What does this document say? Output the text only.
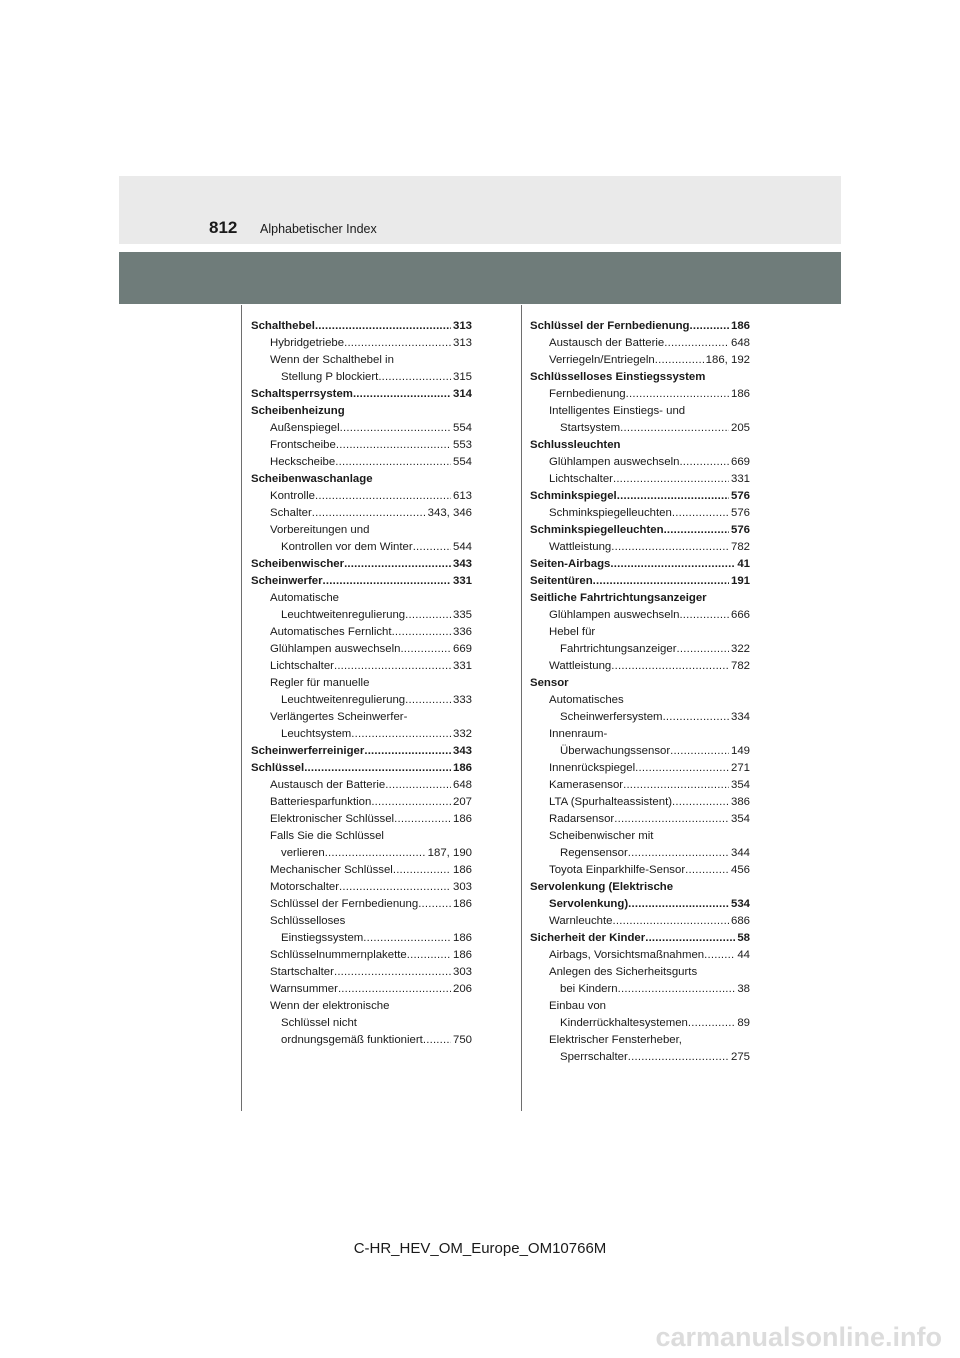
812 Alphabetischer Index
Schalthebel .....	313
Hybridgetriebe .....	313
Wenn der Schalthebel in
Stellung P blockiert .....	315
Schaltsperrsystem .....	314
Scheibenheizung
Außenspiegel .....	554
Frontscheibe .....	553
Heckscheibe .....	554
Scheibenwaschanlage
Kontrolle .....	613
Schalter .....	343, 346
Vorbereitungen und
Kontrollen vor dem Winter .....	544
Scheibenwischer .....	343
Scheinwerfer .....	331
Automatische
Leuchtweitenregulierung .....	335
Automatisches Fernlicht .....	336
Glühlampen auswechseln .....	669
Lichtschalter .....	331
Regler für manuelle
Leuchtweitenregulierung .....	333
Verlängertes Scheinwerfer-
Leuchtsystem .....	332
Scheinwerferreiniger .....	343
Schlüssel .....	186
Austausch der Batterie .....	648
Batteriesparfunktion .....	207
Elektronischer Schlüssel .....	186
Falls Sie die Schlüssel
verlieren .....	187, 190
Mechanischer Schlüssel .....	186
Motorschalter .....	303
Schlüssel der Fernbedienung .....	186
Schlüsselloses
Einstiegssystem .....	186
Schlüsselnummernplakette .....	186
Startschalter .....	303
Warnsummer .....	206
Wenn der elektronische
Schlüssel nicht
ordnungsgemäß funktioniert .....	750
Schlüssel der Fernbedienung .....	186
Austausch der Batterie .....	648
Verriegeln/Entriegeln .....	186, 192
Schlüsselloses Einstiegssystem
Fernbedienung .....	186
Intelligentes Einstiegs- und
Startsystem .....	205
Schlussleuchten
Glühlampen auswechseln .....	669
Lichtschalter .....	331
Schminkspiegel .....	576
Schminkspiegelleuchten .....	576
Schminkspiegelleuchten .....	576
Wattleistung .....	782
Seiten-Airbags .....	41
Seitentüren .....	191
Seitliche Fahrtrichtungsanzeiger
Glühlampen auswechseln .....	666
Hebel für
Fahrtrichtungsanzeiger .....	322
Wattleistung .....	782
Sensor
Automatisches
Scheinwerfersystem .....	334
Innenraum-
Überwachungssensor .....	149
Innenrückspiegel .....	271
Kamerasensor .....	354
LTA (Spurhalteassistent) .....	386
Radarsensor .....	354
Scheibenwischer mit
Regensensor .....	344
Toyota Einparkhilfe-Sensor .....	456
Servolenkung (Elektrische
Servolenkung) .....	534
Warnleuchte .....	686
Sicherheit der Kinder .....	58
Airbags, Vorsichtsmaßnahmen .....	44
Anlegen des Sicherheitsgurts
bei Kindern .....	38
Einbau von
Kinderrückhaltesystemen .....	89
Elektrischer Fensterheber,
Sperrschalter .....	275
C-HR_HEV_OM_Europe_OM10766M
carmanualsonline.info
